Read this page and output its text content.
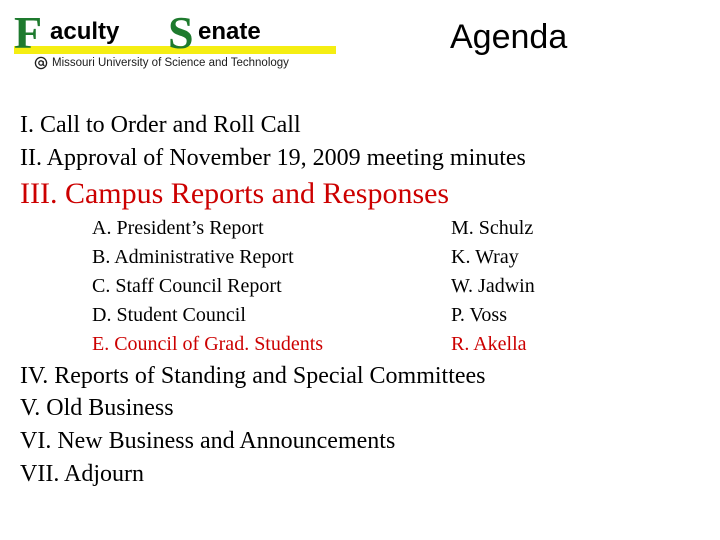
F aculty S enate
Missouri University of Science and Technology
Agenda
I. Call to Order and Roll Call
II. Approval of November 19, 2009 meeting minutes
III. Campus Reports and Responses
A. President’s Report	M. Schulz
B. Administrative Report	K. Wray
C. Staff Council Report	W. Jadwin
D. Student Council	P. Voss
E. Council of Grad. Students	R. Akella
IV. Reports of Standing and Special Committees
V. Old Business
VI. New Business and Announcements
VII. Adjourn
